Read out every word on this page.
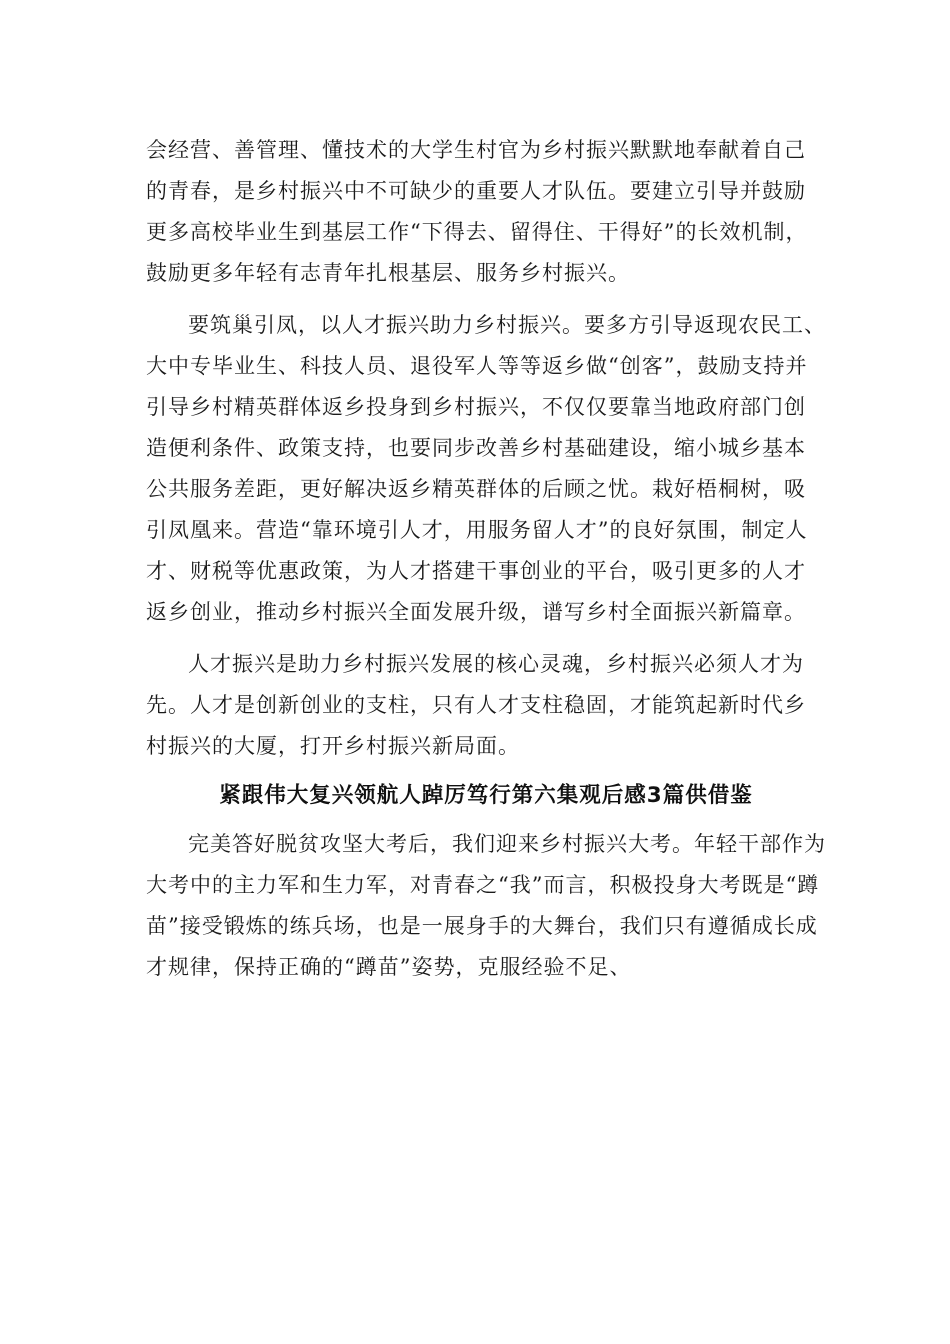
会经营、善管理、懂技术的大学生村官为乡村振兴默默地奉献着自己的青春，是乡村振兴中不可缺少的重要人才队伍。要建立引导并鼓励更多高校毕业生到基层工作“下得去、留得住、干得好”的长效机制，鼓励更多年轻有志青年扎根基层、服务乡村振兴。

要筑巢引凤，以人才振兴助力乡村振兴。要多方引导返现农民工、大中专毕业生、科技人员、退役军人等等返乡做“创客”，鼓励支持并引导乡村精英群体返乡投身到乡村振兴，不仅仅要靠当地政府部门创造便利条件、政策支持，也要同步改善乡村基础建设，缩小城乡基本公共服务差距，更好解决返乡精英群体的后顾之忧。栽好梧桐树，吸引凤凰来。营造“靠环境引人才，用服务留人才”的良好氛围，制定人才、财税等优惠政策，为人才搭建干事创业的平台，吸引更多的人才返乡创业，推动乡村振兴全面发展升级，谱写乡村全面振兴新篇章。

人才振兴是助力乡村振兴发展的核心灵魂，乡村振兴必须人才为先。人才是创新创业的支柱，只有人才支柱稳固，才能筑起新时代乡村振兴的大厦，打开乡村振兴新局面。

紧跟伟大复兴领航人踔厉笃行第六集观后感3篇供借鉴

完美答好脱贫攻坚大考后，我们迎来乡村振兴大考。年轻干部作为大考中的主力军和生力军，对青春之“我”而言，积极投身大考既是“蹲苗”接受锻炼的练兵场，也是一展身手的大舞台，我们只有遵循成长成才规律，保持正确的“蹲苗”姿势，克服经验不足、
